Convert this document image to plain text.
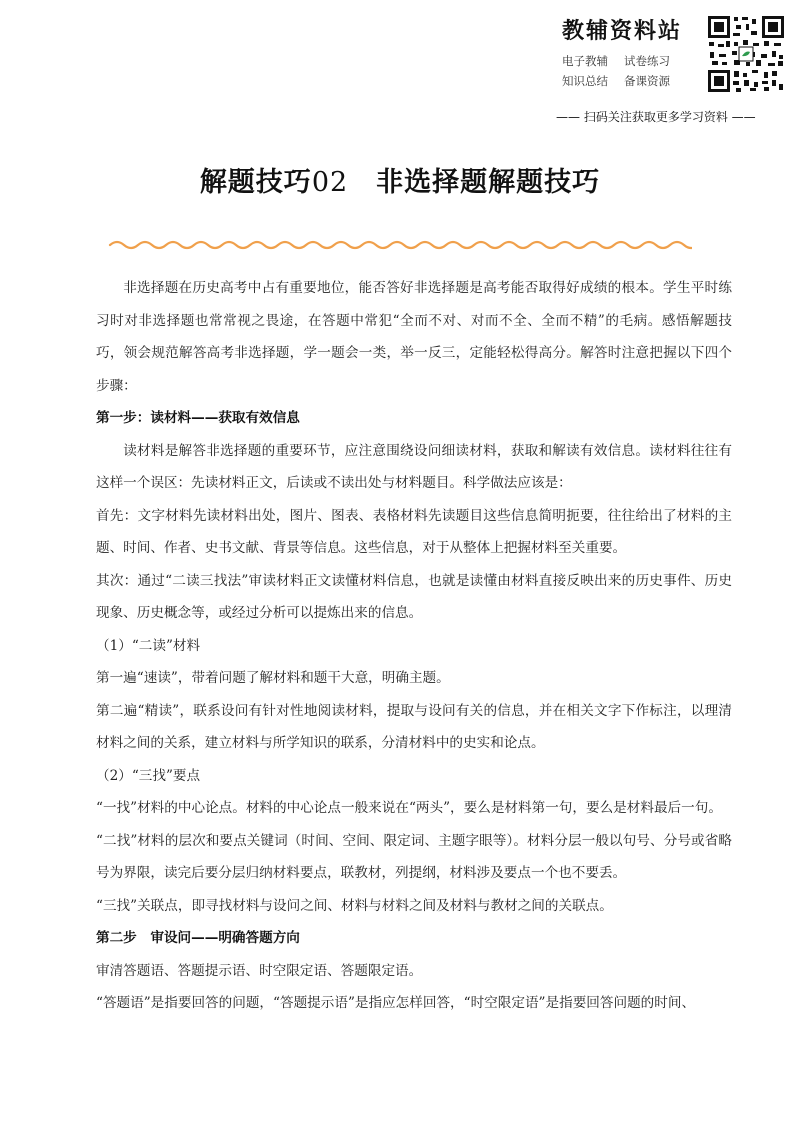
教辅资料站
电子教辅	试卷练习
知识总结	备课资源
—— 扫码关注获取更多学习资料 ——
解题技巧02  非选择题解题技巧

非选择题在历史高考中占有重要地位，能否答好非选择题是高考能否取得好成绩的根本。学生平时练习时对非选择题也常常视之畏途，在答题中常犯“全而不对、对而不全、全而不精”的毛病。感悟解题技巧，领会规范解答高考非选择题，学一题会一类，举一反三，定能轻松得高分。解答时注意把握以下四个步骤：

第一步：读材料——获取有效信息

读材料是解答非选择题的重要环节，应注意围绕设问细读材料，获取和解读有效信息。读材料往往有这样一个误区：先读材料正文，后读或不读出处与材料题目。科学做法应该是：

首先：文字材料先读材料出处，图片、图表、表格材料先读题目这些信息简明扼要，往往给出了材料的主题、时间、作者、史书文献、背景等信息。这些信息，对于从整体上把握材料至关重要。

其次：通过“二读三找法”审读材料正文读懂材料信息，也就是读懂由材料直接反映出来的历史事件、历史现象、历史概念等，或经过分析可以提炼出来的信息。

（1）“二读”材料

第一遍“速读”，带着问题了解材料和题干大意，明确主题。

第二遍“精读”，联系设问有针对性地阅读材料，提取与设问有关的信息，并在相关文字下作标注，以理清材料之间的关系，建立材料与所学知识的联系，分清材料中的史实和论点。

（2）“三找”要点

“一找”材料的中心论点。材料的中心论点一般来说在“两头”，要么是材料第一句，要么是材料最后一句。

“二找”材料的层次和要点关键词（时间、空间、限定词、主题字眼等）。材料分层一般以句号、分号或省略号为界限，读完后要分层归纳材料要点，联教材，列提纲，材料涉及要点一个也不要丢。

“三找”关联点，即寻找材料与设问之间、材料与材料之间及材料与教材之间的关联点。

第二步　审设问——明确答题方向

审清答题语、答题提示语、时空限定语、答题限定语。

“答题语”是指要回答的问题，“答题提示语”是指应怎样回答，“时空限定语”是指要回答问题的时间、
